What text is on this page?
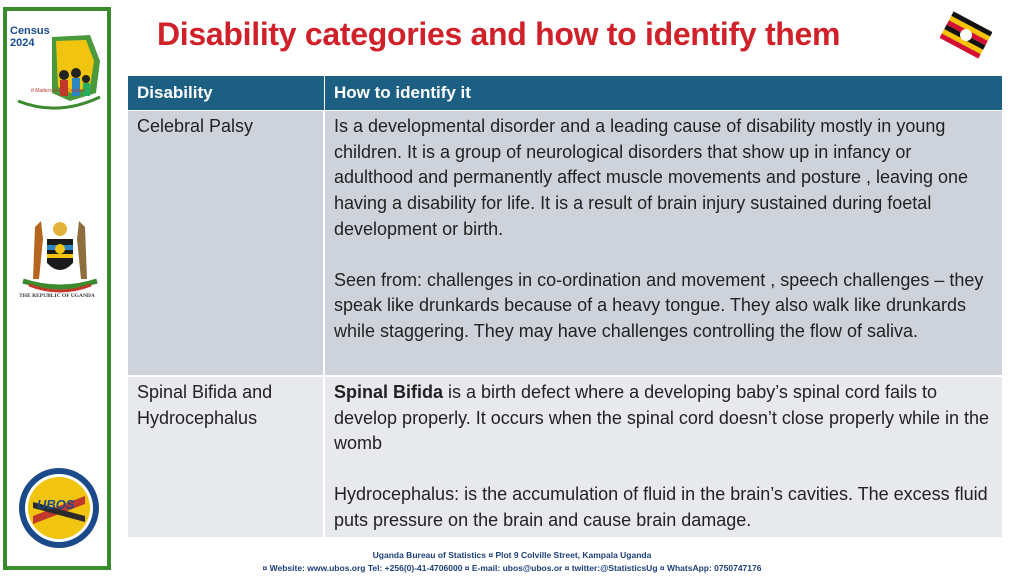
Census 2024
It Matters to be Counted
THE REPUBLIC OF UGANDA
UBOS
Disability categories and how to identify them
Disability	How to identify it
Celebral Palsy	Is a developmental disorder and a leading cause of disability mostly in young children. It is a group of neurological disorders that show up in infancy or adulthood and permanently affect muscle movements and posture , leaving one having a disability for life. It is a result of brain injury sustained during foetal development or birth.
Seen from: challenges in co-ordination and movement , speech challenges – they speak like drunkards because of a heavy tongue. They also walk like drunkards while staggering. They may have challenges controlling the flow of saliva.
Spinal Bifida and Hydrocephalus
Spinal Bifida is a birth defect where a developing baby’s spinal cord fails to develop properly. It occurs when the spinal cord doesn’t close properly while in the womb
Hydrocephalus: is the accumulation of fluid in the brain’s cavities. The excess fluid puts pressure on the brain and cause brain damage.
Uganda Bureau of Statistics ¤ Plot 9 Colville Street, Kampala Uganda
¤ Website: www.ubos.org Tel: +256(0)-41-4706000 ¤ E-mail: ubos@ubos.or ¤ twitter:@StatisticsUg ¤ WhatsApp: 0750747176
